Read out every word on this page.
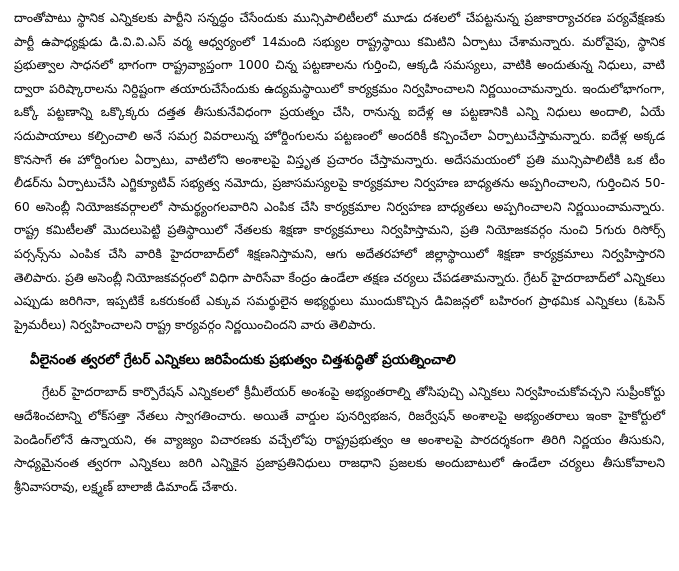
దాంతోపాటు స్థానిక ఎన్నికలకు పార్టీని సన్నద్ధం చేసేందుకు మున్సిపాలిటీలలో మూడు దశలలో చేపట్టనున్న ప్రజాకార్యాచరణ పర్యవేక్షణకు పార్టీ ఉపాధ్యక్షుడు డి.వి.వి.ఎస్‌ వర్మ ఆధ్వర్యంలో 14మంది సభ్యుల రాష్ట్రస్థాయి కమిటిని ఏర్పాటు చేశామన్నారు. మరోవైపు, స్థానిక ప్రభుత్వాల సాధనలో భాగంగా రాష్ట్రవ్యాప్తంగా 1000 చిన్న పట్టణాలను గుర్తించి, ఆక్కడి సమస్యలు, వాటికి అందుతున్న నిధులు, వాటి ద్వారా పరిష్కారాలను నిర్దిష్టంగా తయారుచేసేందుకు ఉద్యమస్థాయిలో కార్యక్రమం నిర్వహించాలని నిర్ణయించామన్నారు. ఇందులోభాగంగా, ఒక్కో పట్టణాన్ని ఒక్కొక్కరు దత్తత తీసుకునేవిధంగా ప్రయత్నం చేసి, రానున్న ఐదేళ్ల ఆ పట్టణానికి ఎన్ని నిధులు అందాలి, ఏయే సదుపాయాలు కల్పించాలి అనే సమగ్ర వివరాలున్న హోర్డింగులను పట్టణంలో అందరికీ కన్పించేలా ఏర్పాటుచేస్తామన్నారు. ఐదేళ్ల అక్కడ కొనసాగే ఈ హోర్డింగుల ఏర్పాటు, వాటిలోని అంశాలపై విస్తృత ప్రచారం చేస్తామన్నారు. అదేసమయంలో ప్రతి మున్సిపాలిటీకి ఒక టీం లీడర్‌ను ఏర్పాటుచేసి ఎగ్జిక్యూటివ్‌ సభ్యత్వ నమోదు, ప్రజాసమస్యలపై కార్యక్రమాల నిర్వహణ బాధ్యతను అప్పగించాలని, గుర్తించిన 50-60 అసెంబ్లీ నియోజకవర్గాలలో సామర్థ్యంగలవారిని ఎంపిక చేసి కార్యక్రమాల నిర్వహణ బాధ్యతలు అప్పగించాలని నిర్ణయించామన్నారు. రాష్ట్ర కమిటీలతో మొదలుపెట్టి ప్రతిస్థాయిలో నేతలకు శిక్షణా కార్యక్రమాలు నిర్వహిస్తామని, ప్రతి నియోజకవర్గం నుంచి 5గురు రిసోర్స్‌ పర్సన్స్‌ను ఎంపిక చేసి వారికి హైదరాబాద్‌లో శిక్షణనిస్తామని, ఆగు అదేతరహాలో జిల్లాస్థాయిలో శిక్షణా కార్యక్రమాలు నిర్వహిస్తారని తెలిపారు. ప్రతి అసెంబ్లీ నియోజకవర్గంలో విధిగా పారిసేవా కేంద్రం ఉండేలా తక్షణ చర్యలు చేపడతామన్నారు. గ్రేటర్‌ హైదరాబాద్‌లో ఎన్నికలు ఎప్పుడు జరిగినా, ఇప్పటికే ఒకరుకంటే ఎక్కువ సమర్థులైన అభ్యర్థులు ముందుకొచ్చిన డివిజన్లలో బహిరంగ ప్రాథమిక ఎన్నికలు (ఓపెన్‌ ప్రైమరీలు) నిర్వహించాలని రాష్ట్ర కార్యవర్గం నిర్ణయించిందని వారు తెలిపారు.

వీలైనంత త్వరలో గ్రేటర్‌ ఎన్నికలు జరిపేందుకు ప్రభుత్వం చిత్తశుద్ధితో ప్రయత్నించాలి

గ్రేటర్‌ హైదరాబాద్‌ కార్పొరేషన్‌ ఎన్నికలలో క్రీమీలేయర్‌ అంశంపై అభ్యంతరాల్ని తోసిపుచ్చి ఎన్నికలు నిర్వహించుకోవచ్చని సుప్రీంకోర్టు ఆదేశించటాన్ని లోక్‌సత్తా నేతలు స్వాగతించారు. అయితే వార్డుల పునర్విభజన, రిజర్వేషన్‌ అంశాలపై అభ్యంతరాలు ఇంకా హైకోర్టులో పెండింగ్‌లోనే ఉన్నాయని, ఈ వ్యాజ్యం విచారణకు వచ్చేలోపు రాష్ట్రప్రభుత్వం ఆ అంశాలపై పారదర్శకంగా తిరిగి నిర్ణయం తీసుకుని, సాధ్యమైనంత త్వరగా ఎన్నికలు జరిగి ఎన్నికైన ప్రజాప్రతినిధులు రాజధాని ప్రజలకు అందుబాటులో ఉండేలా చర్యలు తీసుకోవాలని శ్రీనివాసరావు, లక్ష్మణ్‌ బాలాజీ డిమాండ్‌ చేశారు.
